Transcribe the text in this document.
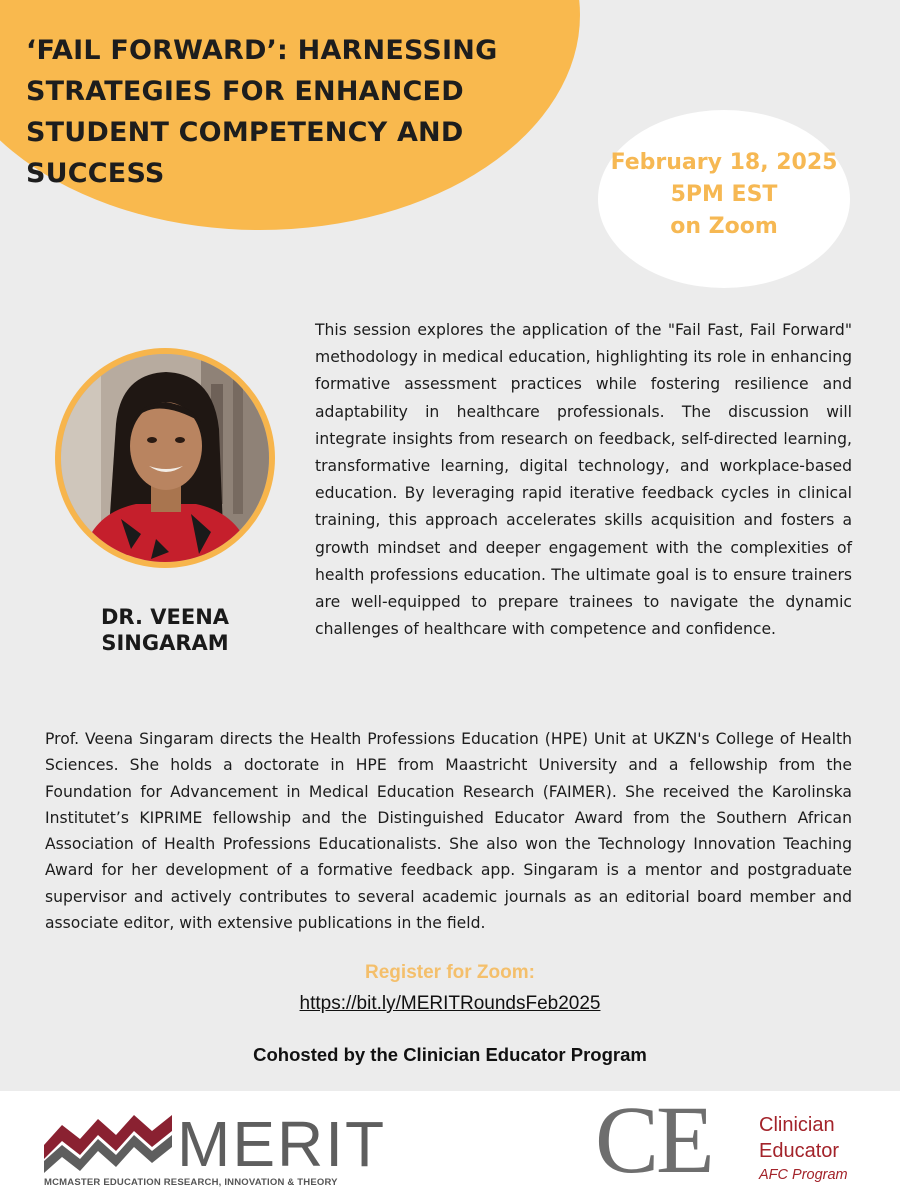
‘FAIL FORWARD’: HARNESSING STRATEGIES FOR ENHANCED STUDENT COMPETENCY AND SUCCESS	February 18, 2025
5PM EST
on Zoom
DR. VEENA SINGARAM

This session explores the application of the "Fail Fast, Fail Forward" methodology in medical education, highlighting its role in enhancing formative assessment practices while fostering resilience and adaptability in healthcare professionals. The discussion will integrate insights from research on feedback, self-directed learning, transformative learning, digital technology, and workplace-based education. By leveraging rapid iterative feedback cycles in clinical training, this approach accelerates skills acquisition and fosters a growth mindset and deeper engagement with the complexities of health professions education. The ultimate goal is to ensure trainers are well-equipped to prepare trainees to navigate the dynamic challenges of healthcare with competence and confidence.

Prof. Veena Singaram directs the Health Professions Education (HPE) Unit at UKZN's College of Health Sciences. She holds a doctorate in HPE from Maastricht University and a fellowship from the Foundation for Advancement in Medical Education Research (FAIMER). She received the Karolinska Institutet’s KIPRIME fellowship and the Distinguished Educator Award from the Southern African Association of Health Professions Educationalists. She also won the Technology Innovation Teaching Award for her development of a formative feedback app. Singaram is a mentor and postgraduate supervisor and actively contributes to several academic journals as an editorial board member and associate editor, with extensive publications in the field.

Register for Zoom:
https://bit.ly/MERITRoundsFeb2025
Cohosted by the Clinician Educator Program
MERIT
MCMASTER EDUCATION RESEARCH, INNOVATION & THEORY	CE Clinician
Educator
AFC Program
